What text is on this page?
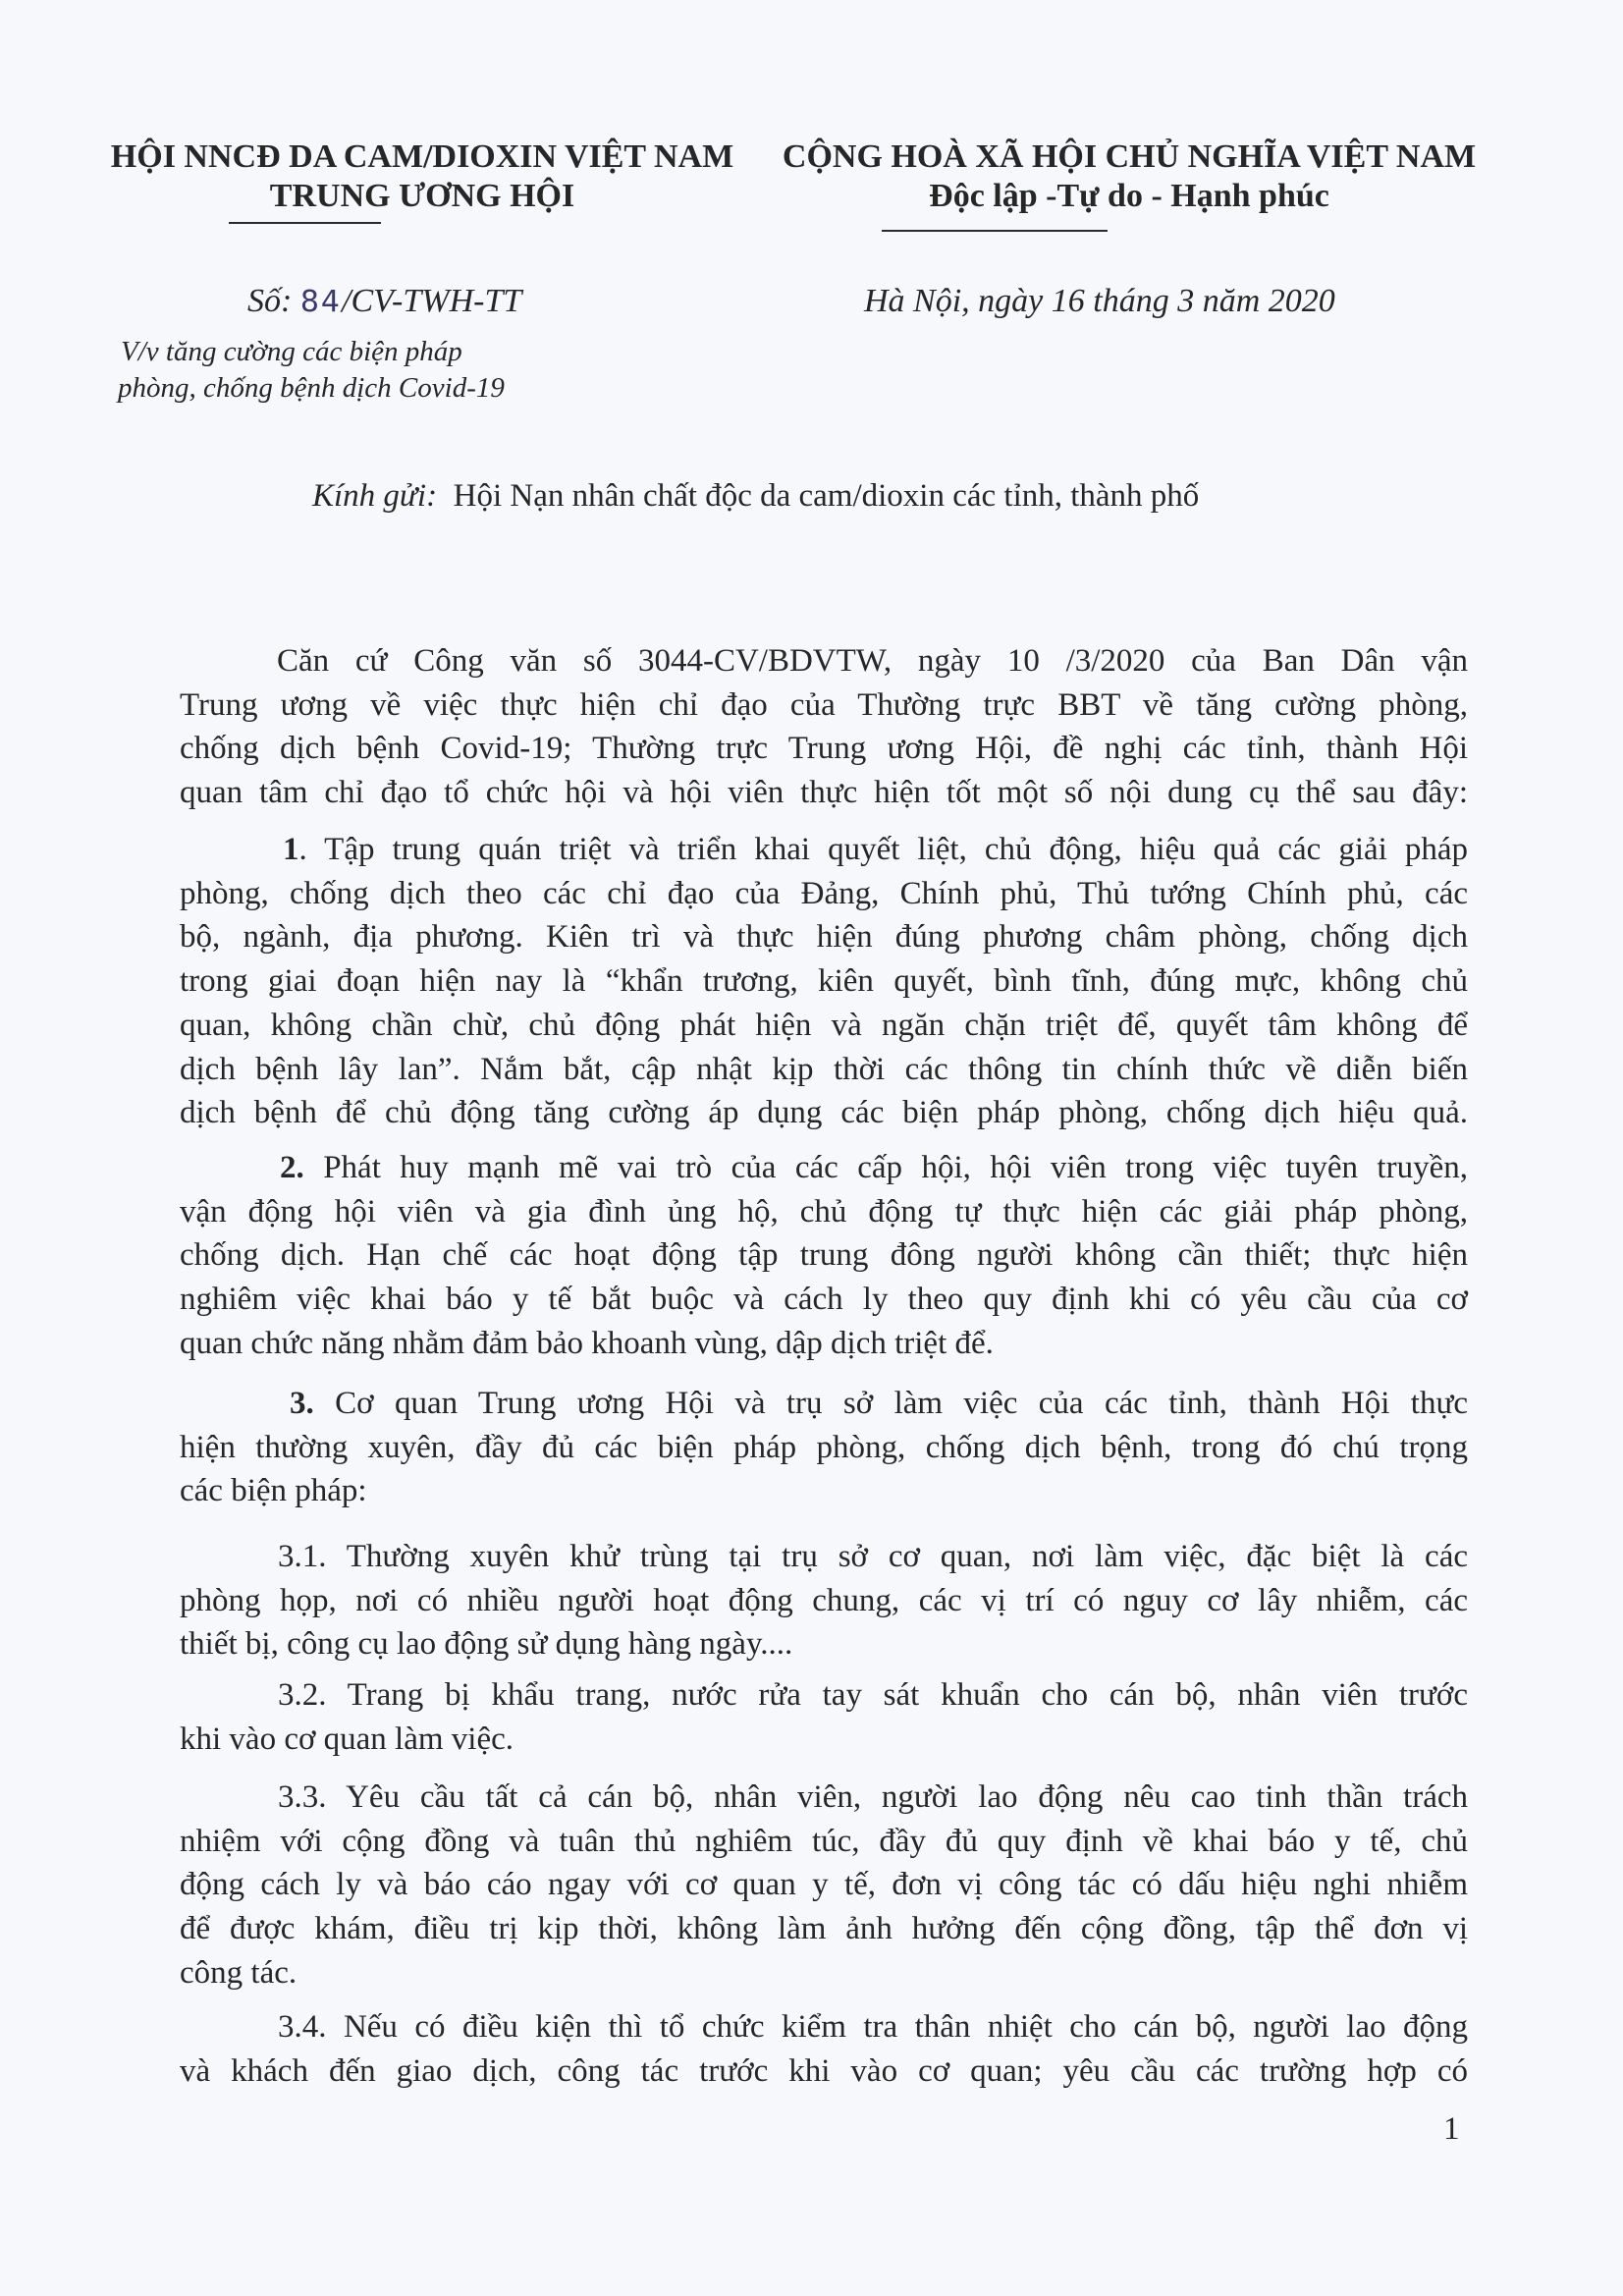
HỘI NNCĐ DA CAM/DIOXIN VIỆT NAM
TRUNG ƯƠNG HỘI
Số: 84/CV-TWH-TT
V/v tăng cường các biện pháp
phòng, chống bệnh dịch Covid-19
CỘNG HOÀ XÃ HỘI CHỦ NGHĨA VIỆT NAM
Độc lập -Tự do - Hạnh phúc
Hà Nội, ngày 16 tháng 3 năm 2020
Kính gửi: Hội Nạn nhân chất độc da cam/dioxin các tỉnh, thành phố
Căn cứ Công văn số 3044-CV/BDVTW, ngày 10 /3/2020 của Ban Dân vận
Trung ương về việc thực hiện chỉ đạo của Thường trực BBT về tăng cường phòng,
chống dịch bệnh Covid-19; Thường trực Trung ương Hội, đề nghị các tỉnh, thành Hội
quan tâm chỉ đạo tổ chức hội và hội viên thực hiện tốt một số nội dung cụ thể sau đây:
1. Tập trung quán triệt và triển khai quyết liệt, chủ động, hiệu quả các giải pháp
phòng, chống dịch theo các chỉ đạo của Đảng, Chính phủ, Thủ tướng Chính phủ, các
bộ, ngành, địa phương. Kiên trì và thực hiện đúng phương châm phòng, chống dịch
trong giai đoạn hiện nay là “khẩn trương, kiên quyết, bình tĩnh, đúng mực, không chủ
quan, không chần chừ, chủ động phát hiện và ngăn chặn triệt để, quyết tâm không để
dịch bệnh lây lan”. Nắm bắt, cập nhật kịp thời các thông tin chính thức về diễn biến
dịch bệnh để chủ động tăng cường áp dụng các biện pháp phòng, chống dịch hiệu quả.
2. Phát huy mạnh mẽ vai trò của các cấp hội, hội viên trong việc tuyên truyền,
vận động hội viên và gia đình ủng hộ, chủ động tự thực hiện các giải pháp phòng,
chống dịch. Hạn chế các hoạt động tập trung đông người không cần thiết; thực hiện
nghiêm việc khai báo y tế bắt buộc và cách ly theo quy định khi có yêu cầu của cơ
quan chức năng nhằm đảm bảo khoanh vùng, dập dịch triệt để.
3. Cơ quan Trung ương Hội và trụ sở làm việc của các tỉnh, thành Hội thực
hiện thường xuyên, đầy đủ các biện pháp phòng, chống dịch bệnh, trong đó chú trọng
các biện pháp:
3.1. Thường xuyên khử trùng tại trụ sở cơ quan, nơi làm việc, đặc biệt là các
phòng họp, nơi có nhiều người hoạt động chung, các vị trí có nguy cơ lây nhiễm, các
thiết bị, công cụ lao động sử dụng hàng ngày....
3.2. Trang bị khẩu trang, nước rửa tay sát khuẩn cho cán bộ, nhân viên trước
khi vào cơ quan làm việc.
3.3. Yêu cầu tất cả cán bộ, nhân viên, người lao động nêu cao tinh thần trách
nhiệm với cộng đồng và tuân thủ nghiêm túc, đầy đủ quy định về khai báo y tế, chủ
động cách ly và báo cáo ngay với cơ quan y tế, đơn vị công tác có dấu hiệu nghi nhiễm
để được khám, điều trị kịp thời, không làm ảnh hưởng đến cộng đồng, tập thể đơn vị
công tác.
3.4. Nếu có điều kiện thì tổ chức kiểm tra thân nhiệt cho cán bộ, người lao động
và khách đến giao dịch, công tác trước khi vào cơ quan; yêu cầu các trường hợp có
1
